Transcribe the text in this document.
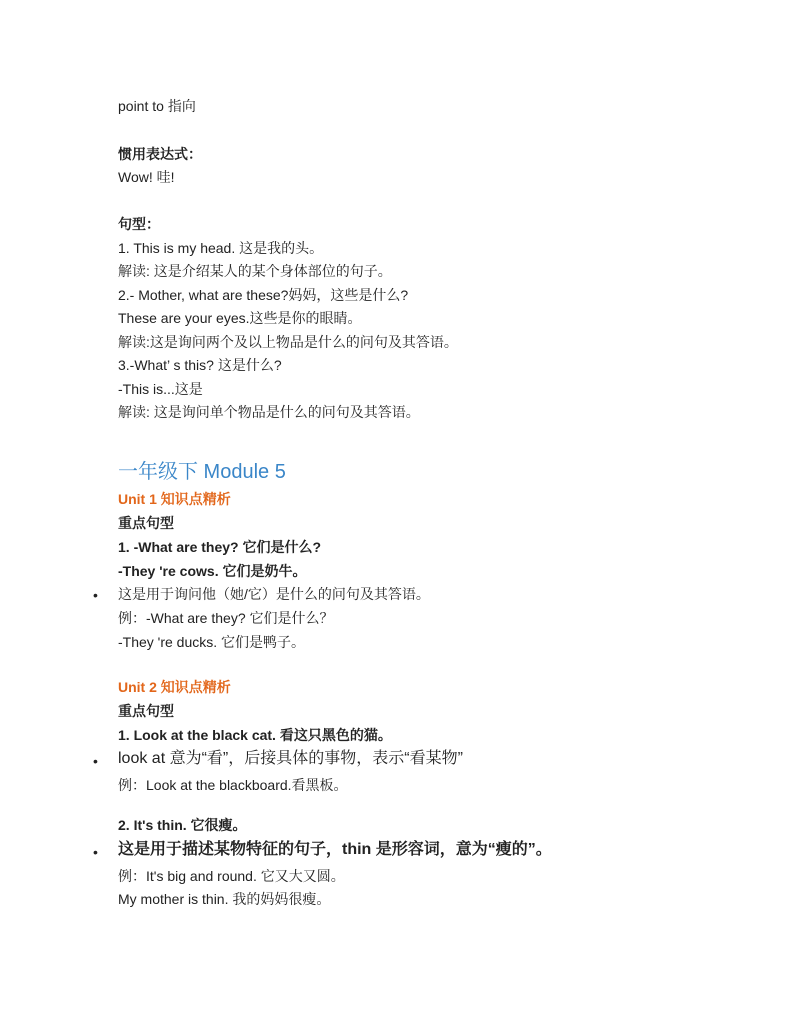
point to 指向
惯用表达式：
Wow! 哇!
句型：
1. This is my head. 这是我的头。
解读: 这是介绍某人的某个身体部位的句子。
2.- Mother, what are these?妈妈，这些是什么?
These are your eyes.这些是你的眼睛。
解读:这是询问两个及以上物品是什么的问句及其答语。
3.-What’ s this? 这是什么?
-This is...这是
解读: 这是询问单个物品是什么的问句及其答语。
一年级下 Module 5
Unit 1 知识点精析
重点句型
1. -What are they? 它们是什么?
-They 're cows. 它们是奶牛。
• 这是用于询问他（她/它）是什么的问句及其答语。
例：-What are they? 它们是什么？
-They 're ducks. 它们是鸭子。
Unit 2 知识点精析
重点句型
1. Look at the black cat. 看这只黑色的猫。
• look at 意为“看”，后接具体的事物，表示“看某物”
例：Look at the blackboard.看黑板。
2. It's thin. 它很瘦。
• 这是用于描述某物特征的句子，thin 是形容词，意为“瘦的”。
例：It's big and round. 它又大又圆。
My mother is thin. 我的妈妈很瘦。
